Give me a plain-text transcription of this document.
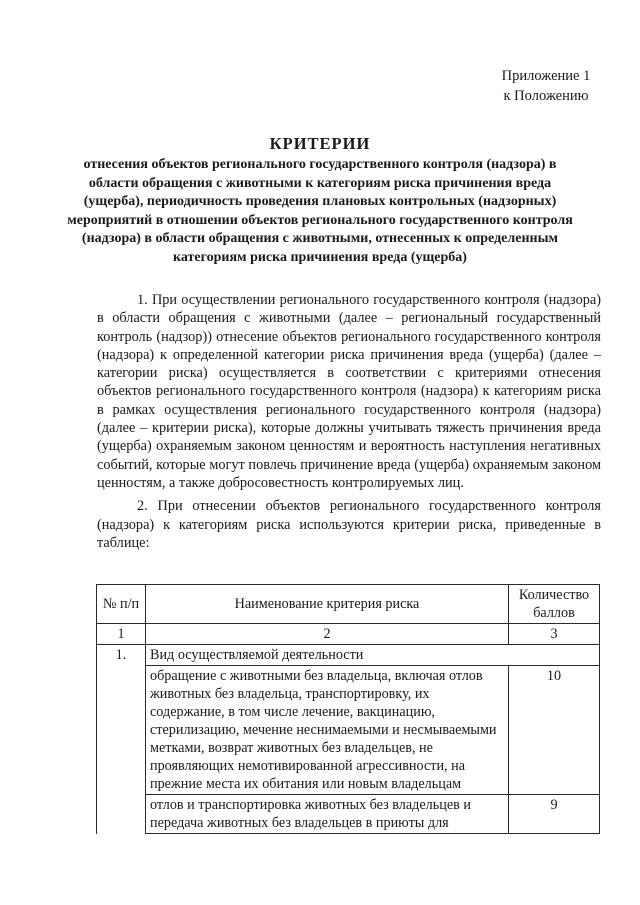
Приложение 1
к Положению
КРИТЕРИИ
отнесения объектов регионального государственного контроля (надзора) в области обращения с животными к категориям риска причинения вреда (ущерба), периодичность проведения плановых контрольных (надзорных) мероприятий в отношении объектов регионального государственного контроля (надзора) в области обращения с животными, отнесенных к определенным категориям риска причинения вреда (ущерба)

1. При осуществлении регионального государственного контроля (надзора) в области обращения с животными (далее – региональный государственный контроль (надзор)) отнесение объектов регионального государственного контроля (надзора) к определенной категории риска причинения вреда (ущерба) (далее – категории риска) осуществляется в соответствии с критериями отнесения объектов регионального государственного контроля (надзора) к категориям риска в рамках осуществления регионального государственного контроля (надзора) (далее – критерии риска), которые должны учитывать тяжесть причинения вреда (ущерба) охраняемым законом ценностям и вероятность наступления негативных событий, которые могут повлечь причинение вреда (ущерба) охраняемым законом ценностям, а также добросовестность контролируемых лиц.

2. При отнесении объектов регионального государственного контроля (надзора) к категориям риска используются критерии риска, приведенные в таблице:

№ п/п	Наименование критерия риска	Количество баллов
1	2	3
1.	Вид осуществляемой деятельности	
	обращение с животными без владельца, включая отлов животных без владельца, транспортировку, их содержание, в том числе лечение, вакцинацию, стерилизацию, мечение неснимаемыми и несмываемыми метками, возврат животных без владельцев, не проявляющих немотивированной агрессивности, на прежние места их обитания или новым владельцам	10
	отлов и транспортировка животных без владельцев и передача животных без владельцев в приюты для	9
